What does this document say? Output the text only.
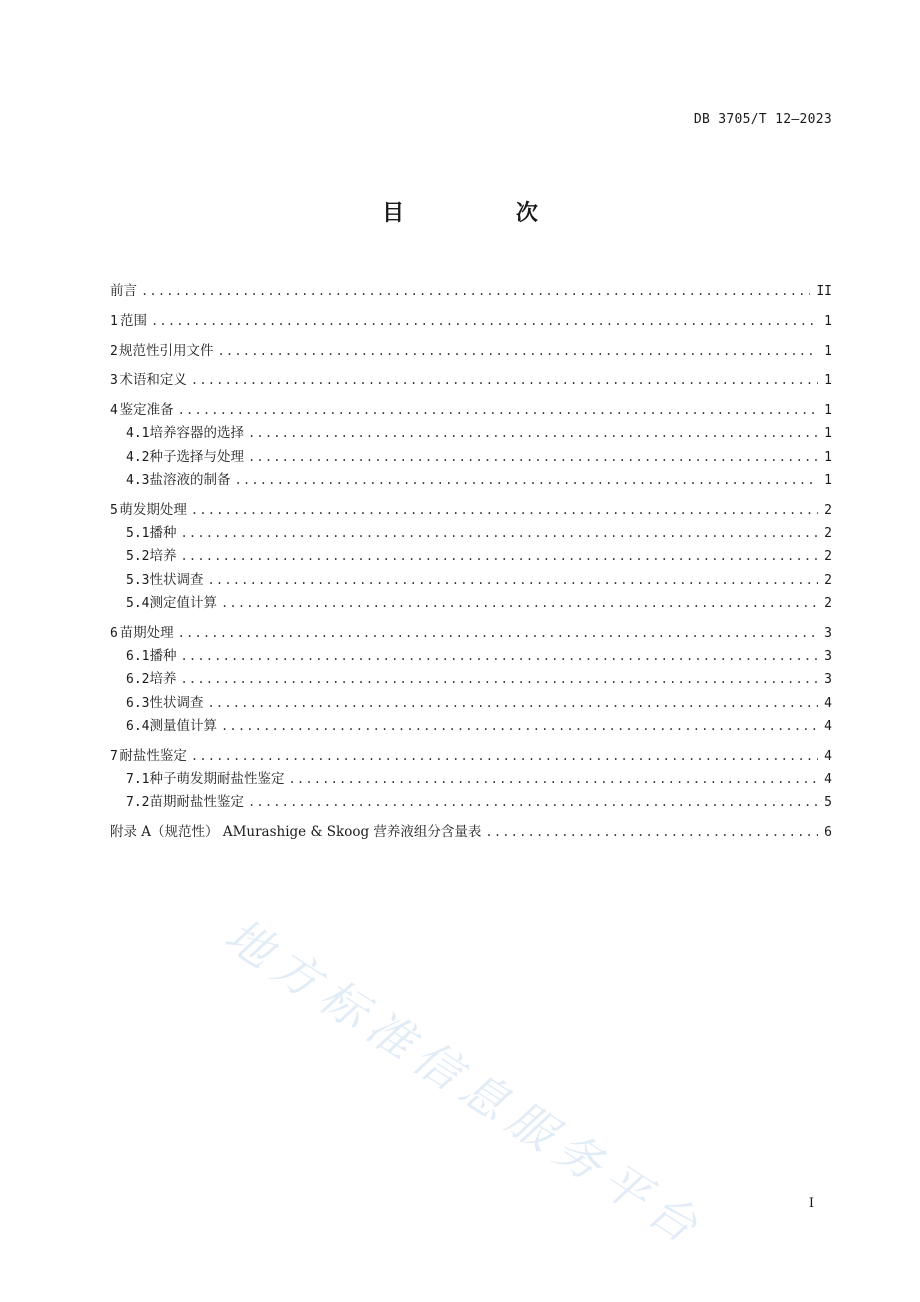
DB 3705/T 12—2023
目 次
前言 .....	II
1 范围 .....	1
2 规范性引用文件 .....	1
3 术语和定义 .....	1
4 鉴定准备 .....	1
4.1 培养容器的选择 .....	1
4.2 种子选择与处理 .....	1
4.3 盐溶液的制备 .....	1
5 萌发期处理 .....	2
5.1 播种 .....	2
5.2 培养 .....	2
5.3 性状调查 .....	2
5.4 测定值计算 .....	2
6 苗期处理 .....	3
6.1 播种 .....	3
6.2 培养 .....	3
6.3 性状调查 .....	4
6.4 测量值计算 .....	4
7 耐盐性鉴定 .....	4
7.1 种子萌发期耐盐性鉴定 .....	4
7.2 苗期耐盐性鉴定 .....	5
附录 A（规范性） AMurashige & Skoog 营养液组分含量表 .....	6
地方标准信息服务平台	I
